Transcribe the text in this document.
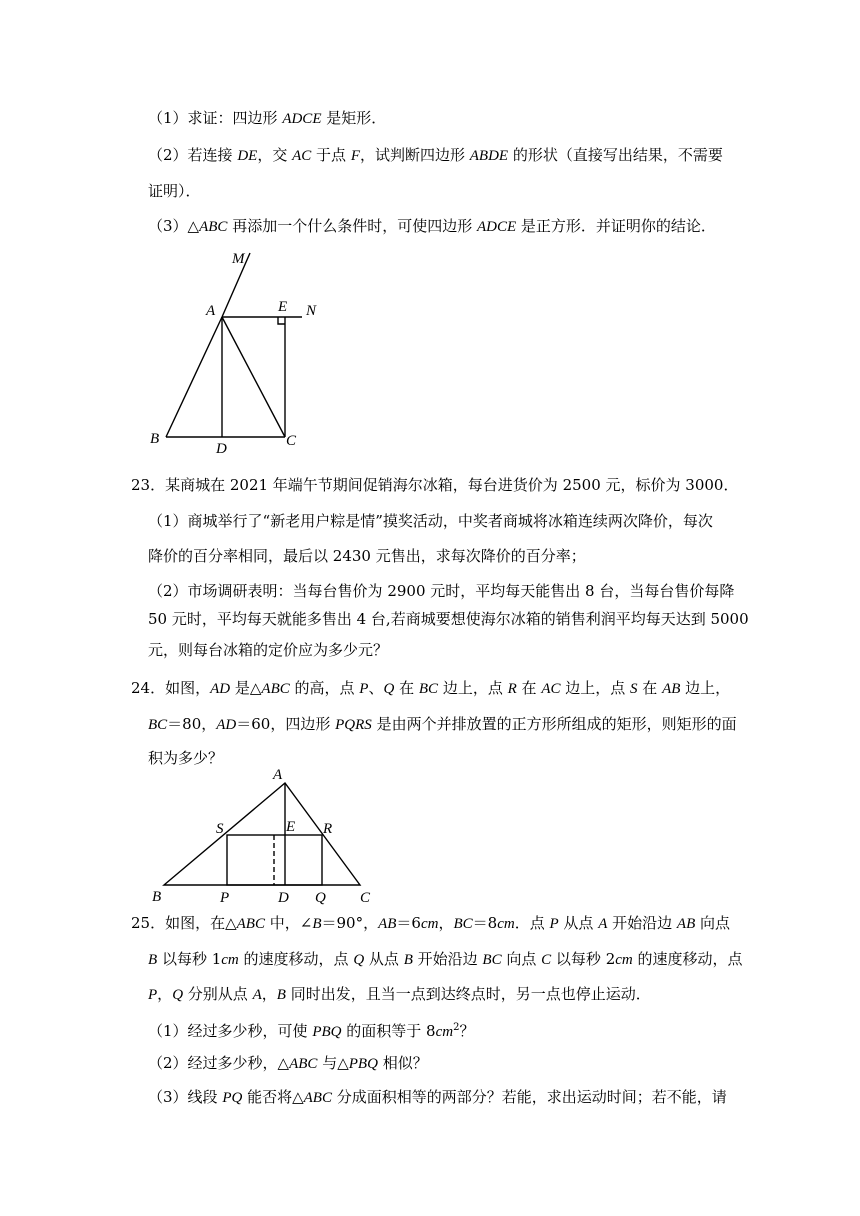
（1）求证：四边形 ADCE 是矩形．
（2）若连接 DE，交 AC 于点 F，试判断四边形 ABDE 的形状（直接写出结果，不需要
证明）．
（3）△ABC 再添加一个什么条件时，可使四边形 ADCE 是正方形．并证明你的结论．
M
A	E N
B
D	C
23．某商城在 2021 年端午节期间促销海尔冰箱，每台进货价为 2500 元，标价为 3000．
（1）商城举行了“新老用户粽是情”摸奖活动，中奖者商城将冰箱连续两次降价，每次
降价的百分率相同，最后以 2430 元售出，求每次降价的百分率；
（2）市场调研表明：当每台售价为 2900 元时，平均每天能售出 8 台，当每台售价每降
50 元时，平均每天就能多售出 4 台,若商城要想使海尔冰箱的销售利润平均每天达到 5000
元，则每台冰箱的定价应为多少元？
24．如图，AD 是△ABC 的高，点 P、Q 在 BC 边上，点 R 在 AC 边上，点 S 在 AB 边上，
BC＝80，AD＝60，四边形 PQRS 是由两个并排放置的正方形所组成的矩形，则矩形的面
积为多少？
A
S	E R
B	P	D Q C
25．如图，在△ABC 中，∠B＝90°，AB＝6cm，BC＝8cm．点 P 从点 A 开始沿边 AB 向点
B 以每秒 1cm 的速度移动，点 Q 从点 B 开始沿边 BC 向点 C 以每秒 2cm 的速度移动，点
P，Q 分别从点 A，B 同时出发，且当一点到达终点时，另一点也停止运动．
（1）经过多少秒，可使 PBQ 的面积等于 $8cm^2$？
（2）经过多少秒，△ABC 与△PBQ 相似？
（3）线段 PQ 能否将△ABC 分成面积相等的两部分？若能，求出运动时间；若不能，请
